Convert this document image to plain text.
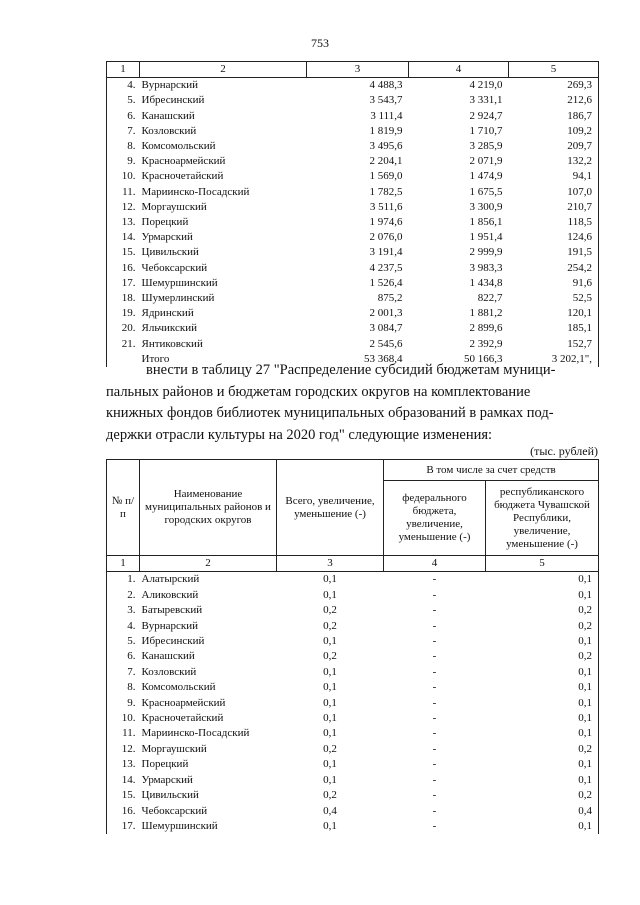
753
1	2	3	4	5
4.	Вурнарский	4 488,3	4 219,0	269,3
5.	Ибресинский	3 543,7	3 331,1	212,6
6.	Канашский	3 111,4	2 924,7	186,7
7.	Козловский	1 819,9	1 710,7	109,2
8.	Комсомольский	3 495,6	3 285,9	209,7
9.	Красноармейский	2 204,1	2 071,9	132,2
10.	Красночетайский	1 569,0	1 474,9	94,1
11.	Мариинско-Посадский	1 782,5	1 675,5	107,0
12.	Моргаушский	3 511,6	3 300,9	210,7
13.	Порецкий	1 974,6	1 856,1	118,5
14.	Урмарский	2 076,0	1 951,4	124,6
15.	Цивильский	3 191,4	2 999,9	191,5
16.	Чебоксарский	4 237,5	3 983,3	254,2
17.	Шемуршинский	1 526,4	1 434,8	91,6
18.	Шумерлинский	875,2	822,7	52,5
19.	Ядринский	2 001,3	1 881,2	120,1
20.	Яльчикский	3 084,7	2 899,6	185,1
21.	Янтиковский	2 545,6	2 392,9	152,7
	Итого	53 368,4	50 166,3	3 202,1",
внести в таблицу 27 "Распределение субсидий бюджетам муници-
пальных районов и бюджетам городских округов на комплектование
книжных фондов библиотек муниципальных образований в рамках под-
держки отрасли культуры на 2020 год" следующие изменения:
(тыс. рублей)
№ п/п	Наименование муниципальных районов и городских округов	Всего, увеличение, уменьшение (-)	В том числе за счет средств	
			федерального бюджета, увеличение, уменьшение (-)	республиканского бюджета Чувашской Республики, увеличение, уменьшение (-)
1	2	3	4	5
1.	Алатырский	0,1	-	0,1
2.	Аликовский	0,1	-	0,1
3.	Батыревский	0,2	-	0,2
4.	Вурнарский	0,2	-	0,2
5.	Ибресинский	0,1	-	0,1
6.	Канашский	0,2	-	0,2
7.	Козловский	0,1	-	0,1
8.	Комсомольский	0,1	-	0,1
9.	Красноармейский	0,1	-	0,1
10.	Красночетайский	0,1	-	0,1
11.	Мариинско-Посадский	0,1	-	0,1
12.	Моргаушский	0,2	-	0,2
13.	Порецкий	0,1	-	0,1
14.	Урмарский	0,1	-	0,1
15.	Цивильский	0,2	-	0,2
16.	Чебоксарский	0,4	-	0,4
17.	Шемуршинский	0,1	-	0,1
